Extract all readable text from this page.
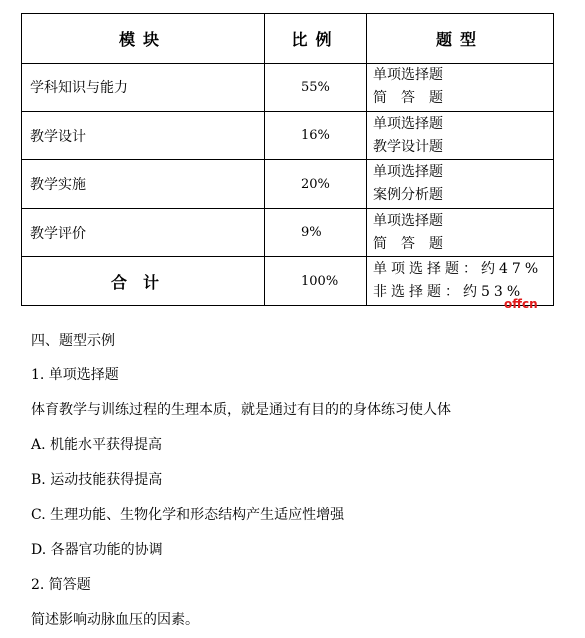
模块	比例	题型
学科知识与能力	55%	单项选择题
简答题

教学设计	16%	单项选择题
教学设计题

教学实施	20%	单项选择题
案例分析题

教学评价	9%	单项选择题
简答题

合计	100%	单项选择题：约47%
非选择题：约53%
offcn
四、题型示例
1. 单项选择题
体育教学与训练过程的生理本质，就是通过有目的的身体练习使人体
A. 机能水平获得提高
B. 运动技能获得提高
C. 生理功能、生物化学和形态结构产生适应性增强
D. 各器官功能的协调
2. 简答题
简述影响动脉血压的因素。
